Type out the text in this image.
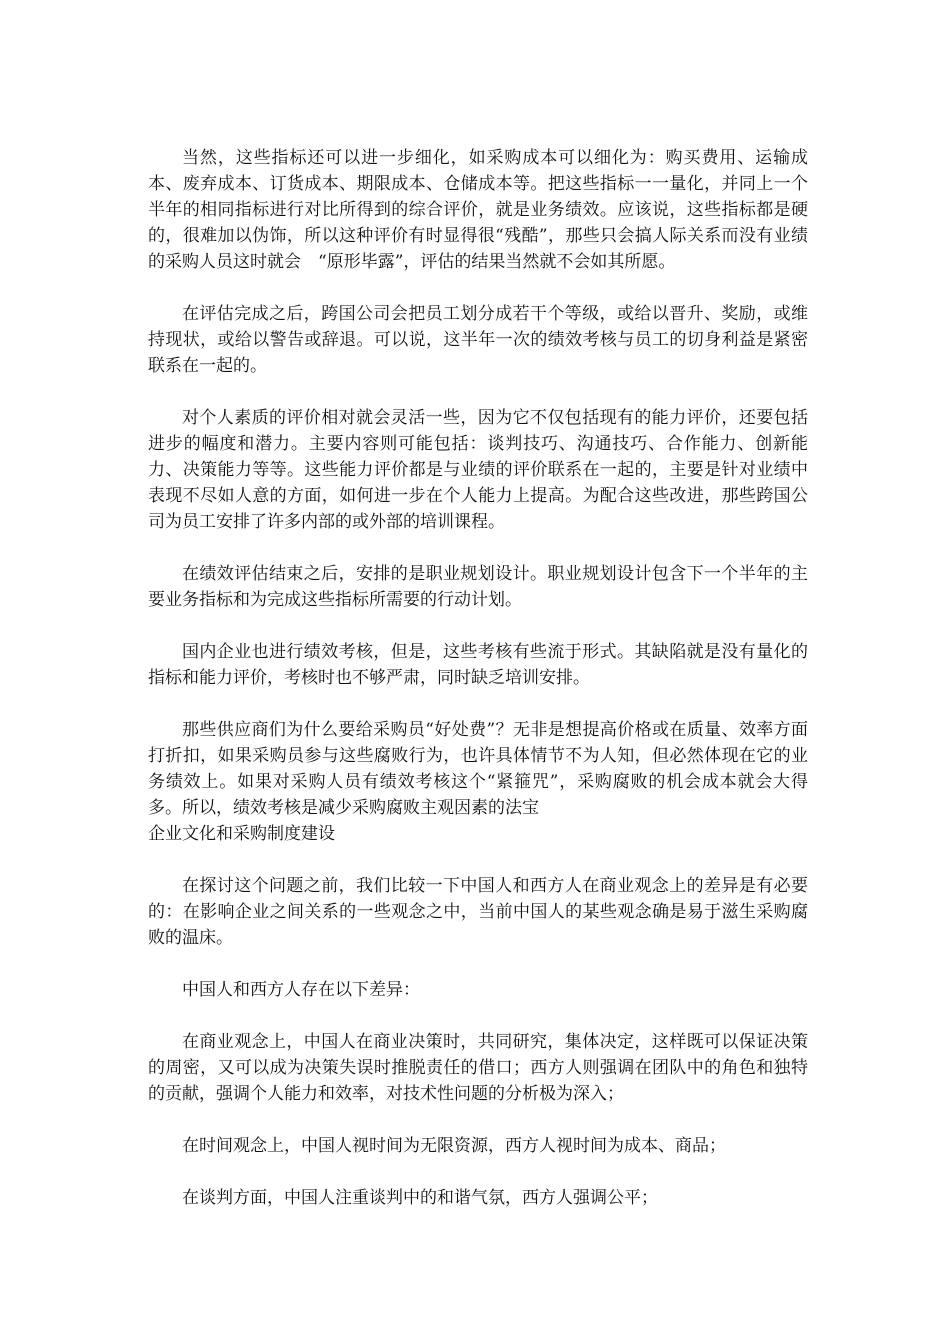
当然，这些指标还可以进一步细化，如采购成本可以细化为：购买费用、运输成本、废弃成本、订货成本、期限成本、仓储成本等。把这些指标一一量化，并同上一个半年的相同指标进行对比所得到的综合评价，就是业务绩效。应该说，这些指标都是硬的，很难加以伪饰，所以这种评价有时显得很“残酷”，那些只会搞人际关系而没有业绩的采购人员这时就会　“原形毕露”，评估的结果当然就不会如其所愿。

在评估完成之后，跨国公司会把员工划分成若干个等级，或给以晋升、奖励，或维持现状，或给以警告或辞退。可以说，这半年一次的绩效考核与员工的切身利益是紧密联系在一起的。

对个人素质的评价相对就会灵活一些，因为它不仅包括现有的能力评价，还要包括进步的幅度和潜力。主要内容则可能包括：谈判技巧、沟通技巧、合作能力、创新能力、决策能力等等。这些能力评价都是与业绩的评价联系在一起的，主要是针对业绩中表现不尽如人意的方面，如何进一步在个人能力上提高。为配合这些改进，那些跨国公司为员工安排了许多内部的或外部的培训课程。

在绩效评估结束之后，安排的是职业规划设计。职业规划设计包含下一个半年的主要业务指标和为完成这些指标所需要的行动计划。

国内企业也进行绩效考核，但是，这些考核有些流于形式。其缺陷就是没有量化的指标和能力评价，考核时也不够严肃，同时缺乏培训安排。

那些供应商们为什么要给采购员“好处费”？无非是想提高价格或在质量、效率方面打折扣，如果采购员参与这些腐败行为，也许具体情节不为人知，但必然体现在它的业务绩效上。如果对采购人员有绩效考核这个“紧箍咒”，采购腐败的机会成本就会大得多。所以，绩效考核是减少采购腐败主观因素的法宝

企业文化和采购制度建设

在探讨这个问题之前，我们比较一下中国人和西方人在商业观念上的差异是有必要的：在影响企业之间关系的一些观念之中，当前中国人的某些观念确是易于滋生采购腐败的温床。

中国人和西方人存在以下差异：

在商业观念上，中国人在商业决策时，共同研究，集体决定，这样既可以保证决策的周密，又可以成为决策失误时推脱责任的借口；西方人则强调在团队中的角色和独特的贡献，强调个人能力和效率，对技术性问题的分析极为深入；

在时间观念上，中国人视时间为无限资源，西方人视时间为成本、商品；

在谈判方面，中国人注重谈判中的和谐气氛，西方人强调公平；
